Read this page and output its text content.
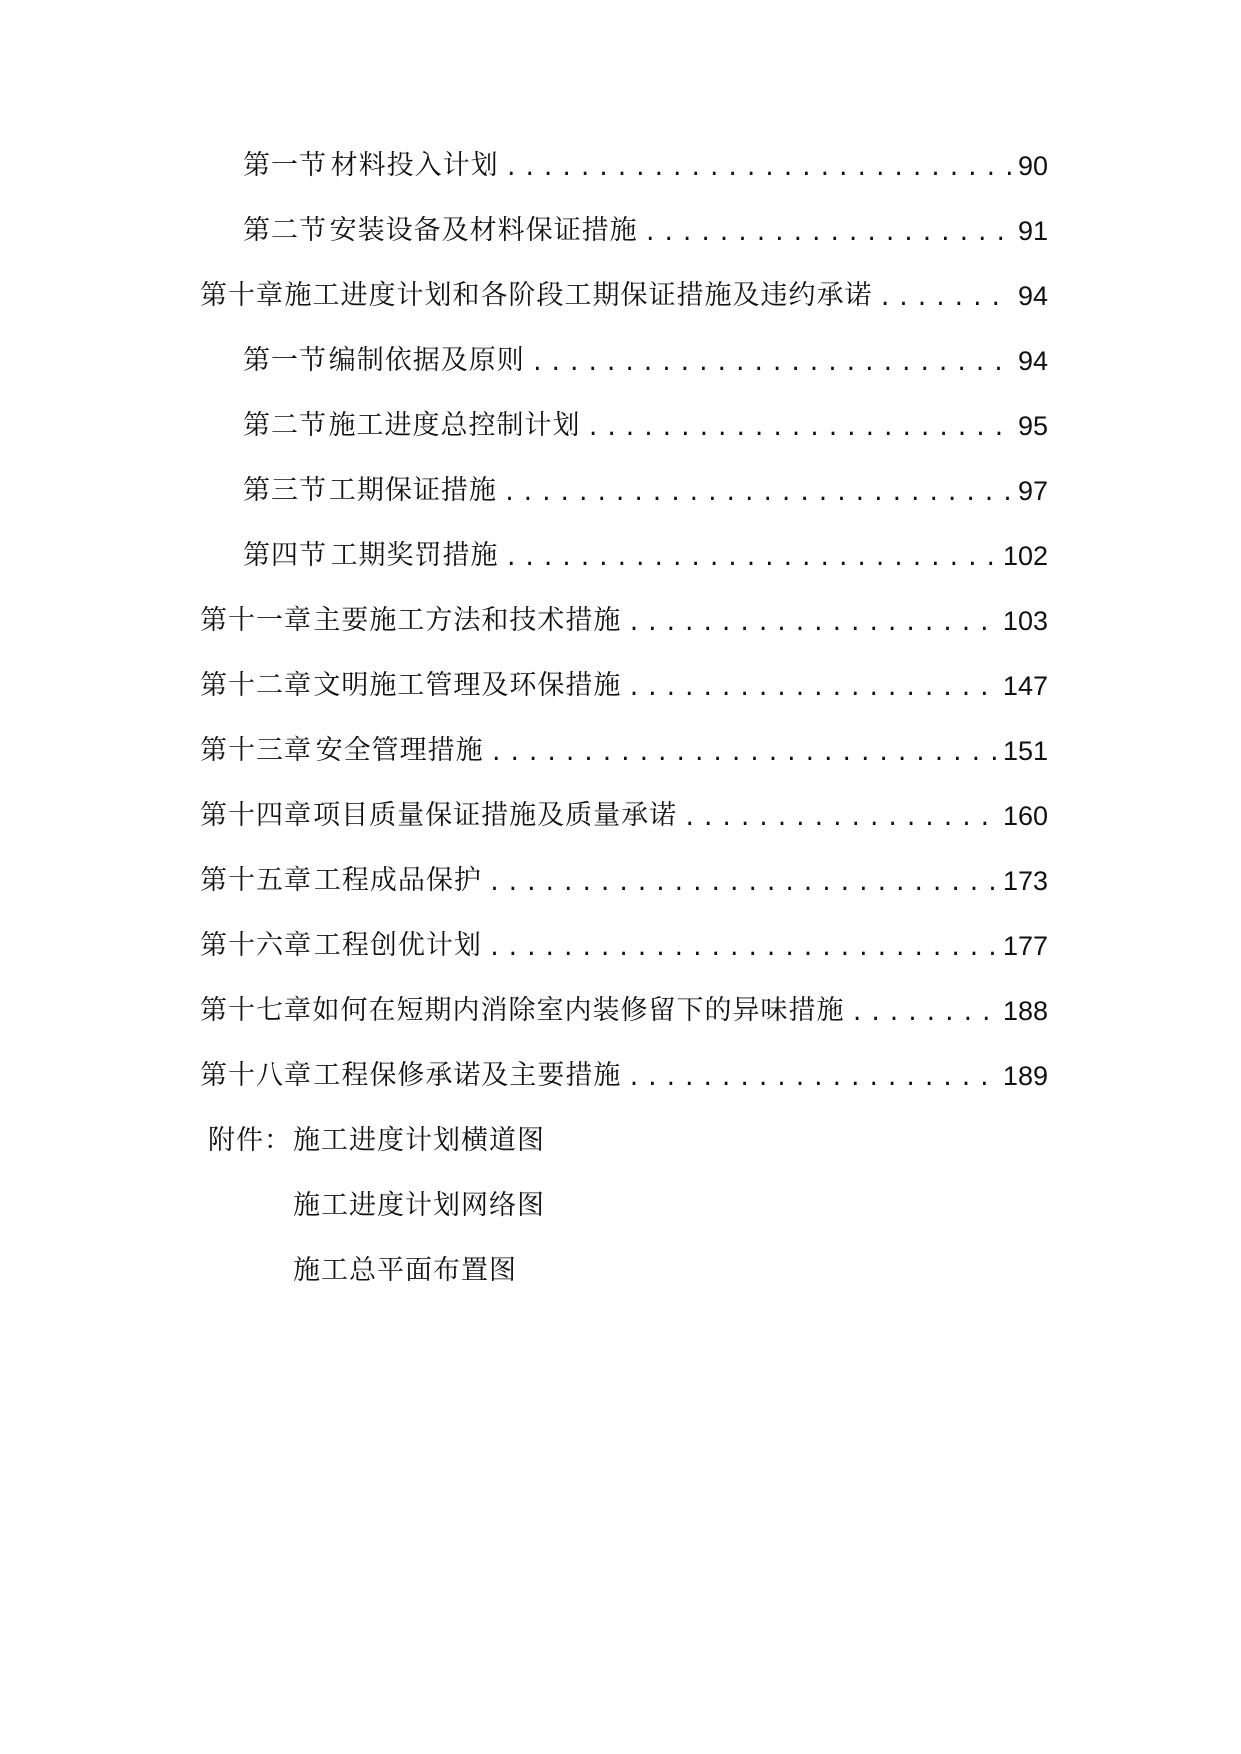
第一节 材料投入计划 .....	90
第二节 安装设备及材料保证措施 .....	91
第十章 施工进度计划和各阶段工期保证措施及违约承诺 .....	94
第一节 编制依据及原则 .....	94
第二节 施工进度总控制计划 .....	95
第三节 工期保证措施 .....	97
第四节 工期奖罚措施 .....	102
第十一章 主要施工方法和技术措施 .....	103
第十二章 文明施工管理及环保措施 .....	147
第十三章 安全管理措施 .....	151
第十四章 项目质量保证措施及质量承诺 .....	160
第十五章 工程成品保护 .....	173
第十六章 工程创优计划 .....	177
第十七章 如何在短期内消除室内装修留下的异味措施 .....	188
第十八章 工程保修承诺及主要措施 .....	189
附件： 施工进度计划横道图
施工进度计划网络图
施工总平面布置图
